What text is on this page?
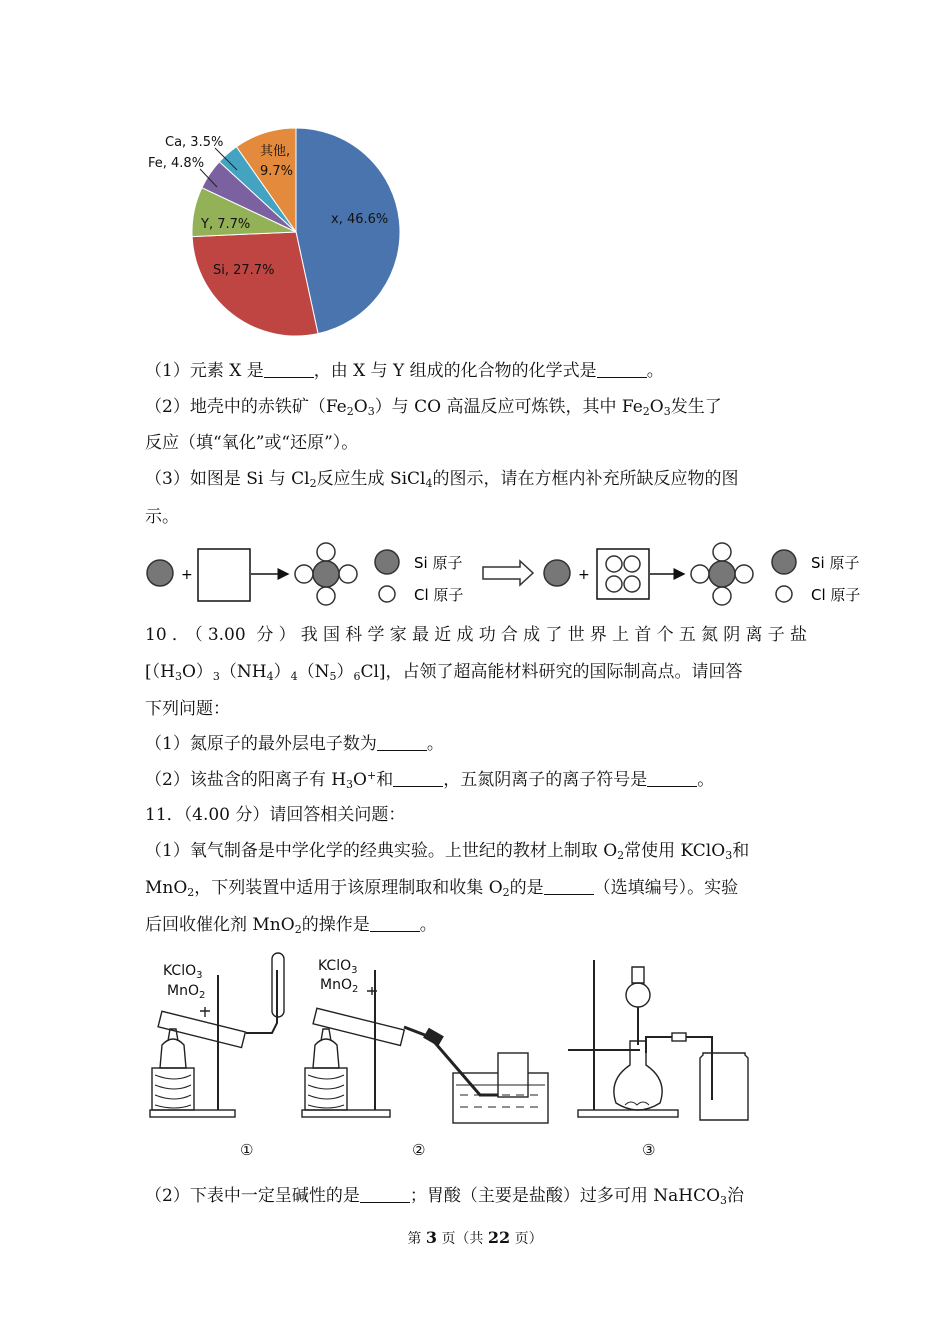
x, 46.6%
Si, 27.7%
Y, 7.7%
Fe, 4.8%
Ca, 3.5%
其他,
9.7%
（1）元素 X 是	，由 X 与 Y 组成的化合物的化学式是	。
（2）地壳中的赤铁矿$(Fe_2O_3)$与 CO 高温反应可炼铁，其中 $Fe_2O_3$发生了
反应（填“氧化”或“还原”）。
（3）如图是 Si 与 $Cl_2$反应生成 SiCl$_4$的图示，请在方框内补充所缺反应物的图
示。
+
Si 原子
Cl 原子
+
Si 原子
Cl 原子
10．（3.00 分）我国科学家最近成功合成了世界上首个五氮阴离子盐
$[(H_3O)_3(NH_4)_4(N_5)_6Cl]$，占领了超高能材料研究的国际制高点。请回答
下列问题：
（1）氮原子的最外层电子数为	。
（2）该盐含的阳离子有 $H_3O^+$和	，五氮阴离子的离子符号是	。
11．（4.00 分）请回答相关问题：
（1）氧气制备是中学化学的经典实验。上世纪的教材上制取 $O_2$常使用 KClO$_3$和
MnO$_2$，下列装置中适用于该原理制取和收集 $O_2$的是	（选填编号）。实验
后回收催化剂 MnO$_2$的操作是	。
KClO$_3$
MnO$_2$
KClO$_3$
MnO$_2$
①	②	③
（2）下表中一定呈碱性的是	；胃酸（主要是盐酸）过多可用 NaHCO$_3$治
第 3 页（共 22 页）
